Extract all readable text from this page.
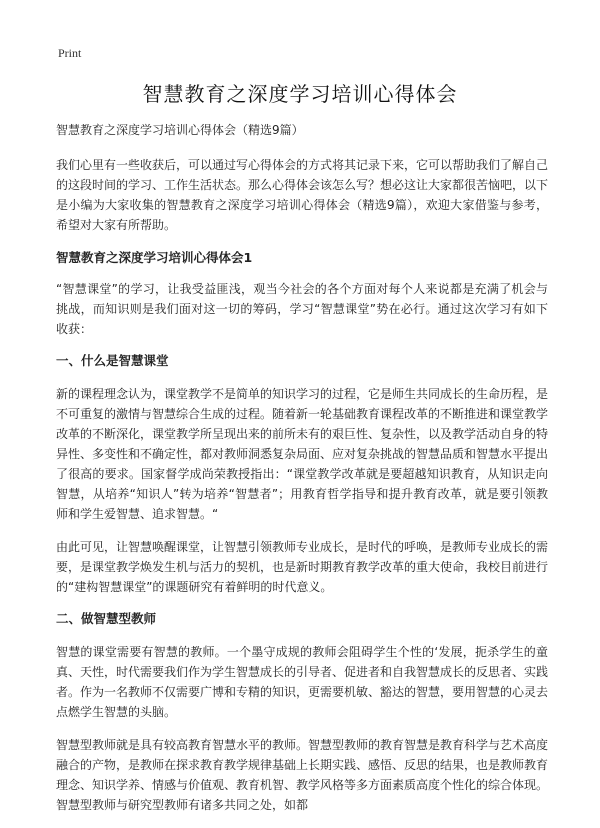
Print
智慧教育之深度学习培训心得体会
智慧教育之深度学习培训心得体会（精选9篇）

我们心里有一些收获后，可以通过写心得体会的方式将其记录下来，它可以帮助我们了解自己的这段时间的学习、工作生活状态。那么心得体会该怎么写？想必这让大家都很苦恼吧，以下是小编为大家收集的智慧教育之深度学习培训心得体会（精选9篇），欢迎大家借鉴与参考，希望对大家有所帮助。

智慧教育之深度学习培训心得体会1

“智慧课堂”的学习，让我受益匪浅，观当今社会的各个方面对每个人来说都是充满了机会与挑战，而知识则是我们面对这一切的筹码，学习“智慧课堂”势在必行。通过这次学习有如下收获：

一、什么是智慧课堂

新的课程理念认为，课堂教学不是简单的知识学习的过程，它是师生共同成长的生命历程，是不可重复的激情与智慧综合生成的过程。随着新一轮基础教育课程改革的不断推进和课堂教学改革的不断深化，课堂教学所呈现出来的前所未有的艰巨性、复杂性，以及教学活动自身的特异性、多变性和不确定性，都对教师洞悉复杂局面、应对复杂挑战的智慧品质和智慧水平提出了很高的要求。国家督学成尚荣教授指出：“课堂教学改革就是要超越知识教育，从知识走向智慧，从培养“知识人”转为培养“智慧者”；用教育哲学指导和提升教育改革，就是要引领教师和学生爱智慧、追求智慧。“

由此可见，让智慧唤醒课堂，让智慧引领教师专业成长，是时代的呼唤，是教师专业成长的需要，是课堂教学焕发生机与活力的契机，也是新时期教育教学改革的重大使命，我校目前进行的“建构智慧课堂”的课题研究有着鲜明的时代意义。

二、做智慧型教师

智慧的课堂需要有智慧的教师。一个墨守成规的教师会阻碍学生个性的‘发展，扼杀学生的童真、天性，时代需要我们作为学生智慧成长的引导者、促进者和自我智慧成长的反思者、实践者。作为一名教师不仅需要广博和专精的知识，更需要机敏、豁达的智慧，要用智慧的心灵去点燃学生智慧的头脑。

智慧型教师就是具有较高教育智慧水平的教师。智慧型教师的教育智慧是教育科学与艺术高度融合的产物，是教师在探求教育教学规律基础上长期实践、感悟、反思的结果，也是教师教育理念、知识学养、情感与价值观、教育机智、教学风格等多方面素质高度个性化的综合体现。智慧型教师与研究型教师有诸多共同之处，如都
